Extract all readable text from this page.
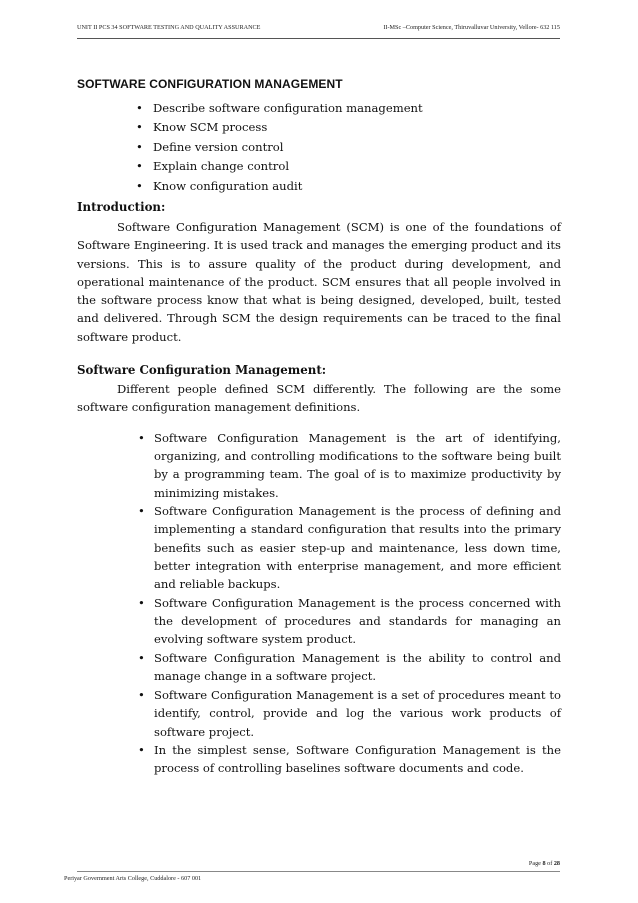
UNIT II PCS 34 SOFTWARE TESTING AND QUALITY ASSURANCE	II-MSc –Computer Science, Thiruvalluvar University, Vellore- 632 115
SOFTWARE CONFIGURATION MANAGEMENT
• Describe software configuration management
• Know SCM process
• Define version control
• Explain change control
• Know configuration audit
Introduction:

Software Configuration Management (SCM) is one of the foundations of Software Engineering. It is used track and manages the emerging product and its versions. This is to assure quality of the product during development, and operational maintenance of the product. SCM ensures that all people involved in the software process know that what is being designed, developed, built, tested and delivered. Through SCM the design requirements can be traced to the final software product.

Software Configuration Management:

Different people defined SCM differently. The following are the some software configuration management definitions.

• Software Configuration Management is the art of identifying, organizing, and controlling modifications to the software being built by a programming team. The goal of is to maximize productivity by minimizing mistakes.
• Software Configuration Management is the process of defining and implementing a standard configuration that results into the primary benefits such as easier step-up and maintenance, less down time, better integration with enterprise management, and more efficient and reliable backups.
• Software Configuration Management is the process concerned with the development of procedures and standards for managing an evolving software system product.
• Software Configuration Management is the ability to control and manage change in a software project.
• Software Configuration Management is a set of procedures meant to identify, control, provide and log the various work products of software project.
• In the simplest sense, Software Configuration Management is the process of controlling baselines software documents and code.
Page 8 of 28
Periyar Government Arts College, Cuddalore - 607 001
